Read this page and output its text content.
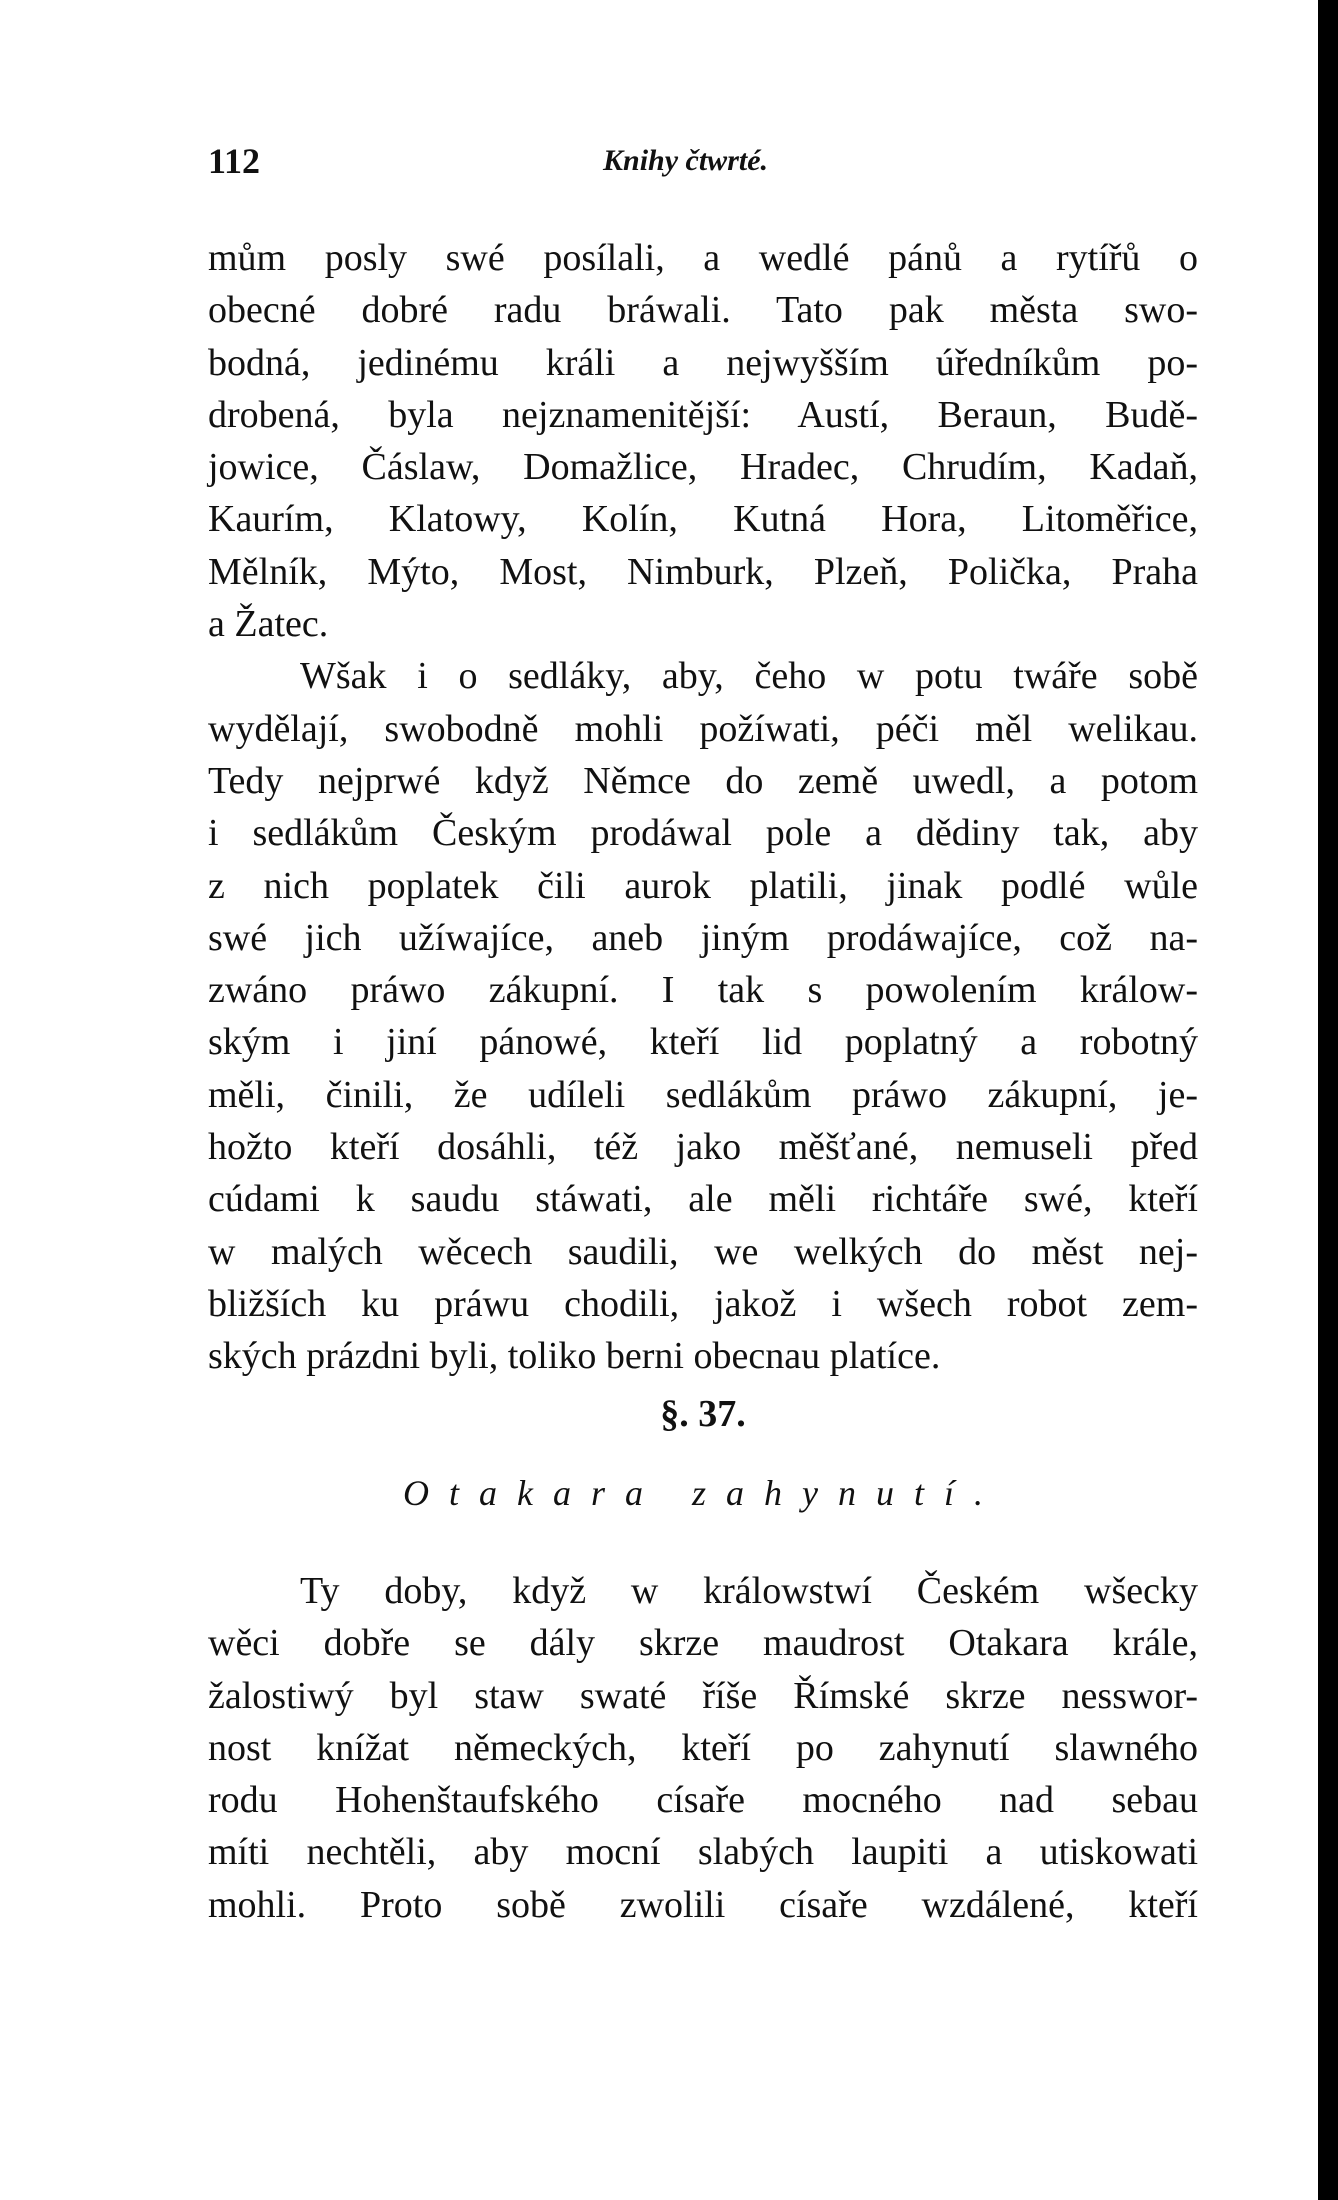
112	Knihy čtwrté.
mům posly swé posílali, a wedlé pánů a rytířů o
obecné dobré radu bráwali. Tato pak města swo-
bodná, jedinému králi a nejwyšším úředníkům po-
drobená, byla nejznamenitější: Austí, Beraun, Budě-
jowice, Čáslaw, Domažlice, Hradec, Chrudím, Kadaň,
Kaurím, Klatowy, Kolín, Kutná Hora, Litoměřice,
Mělník, Mýto, Most, Nimburk, Plzeň, Polička, Praha
a Žatec.
Wšak i o sedláky, aby, čeho w potu twáře sobě
wydělají, swobodně mohli požíwati, péči měl welikau.
Tedy nejprwé když Němce do země uwedl, a potom
i sedlákům Českým prodáwal pole a dědiny tak, aby
z nich poplatek čili aurok platili, jinak podlé wůle
swé jich užíwajíce, aneb jiným prodáwajíce, což na-
zwáno práwo zákupní. I tak s powolením králow-
ským i jiní pánowé, kteří lid poplatný a robotný
měli, činili, že udíleli sedlákům práwo zákupní, je-
hožto kteří dosáhli, též jako měšťané, nemuseli před
cúdami k saudu stáwati, ale měli richtáře swé, kteří
w malých wěcech saudili, we welkých do měst nej-
bližších ku práwu chodili, jakož i wšech robot zem-
ských prázdni byli, toliko berni obecnau platíce.
§. 37.
Otakara zahynutí.
Ty doby, když w králowstwí Českém wšecky
wěci dobře se dály skrze maudrost Otakara krále,
žalostiwý byl staw swaté říše Římské skrze nesswor-
nost knížat německých, kteří po zahynutí slawného
rodu Hohenštaufského císaře mocného nad sebau
míti nechtěli, aby mocní slabých laupiti a utiskowati
mohli. Proto sobě zwolili císaře wzdálené, kteří
